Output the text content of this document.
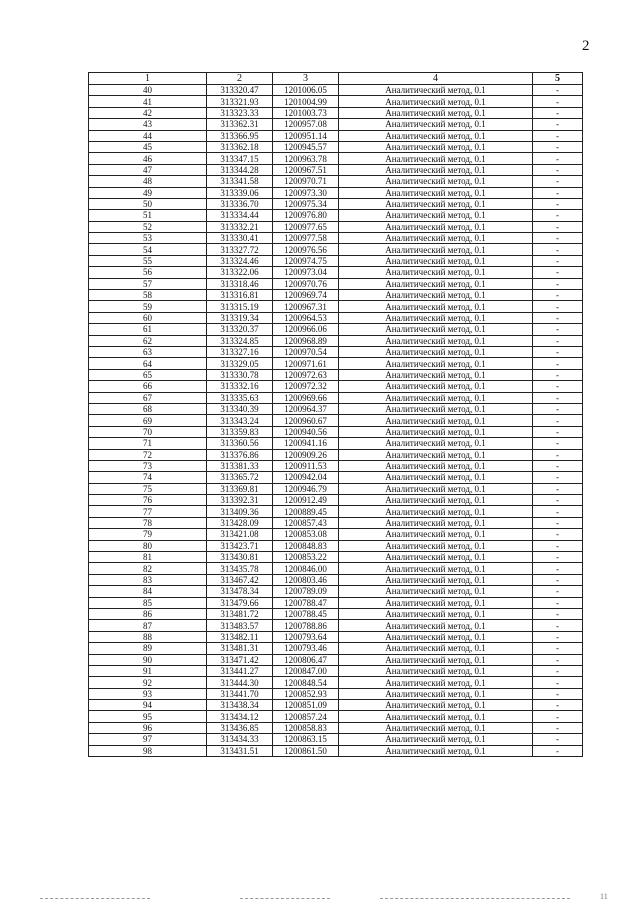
2
1	2	3	4	5
40	313320.47	1201006.05	Аналитический метод, 0.1	-
41	313321.93	1201004.99	Аналитический метод, 0.1	-
42	313323.33	1201003.73	Аналитический метод, 0.1	-
43	313362.31	1200957.08	Аналитический метод, 0.1	-
44	313366.95	1200951.14	Аналитический метод, 0.1	-
45	313362.18	1200945.57	Аналитический метод, 0.1	-
46	313347.15	1200963.78	Аналитический метод, 0.1	-
47	313344.28	1200967.51	Аналитический метод, 0.1	-
48	313341.58	1200970.71	Аналитический метод, 0.1	-
49	313339.06	1200973.30	Аналитический метод, 0.1	-
50	313336.70	1200975.34	Аналитический метод, 0.1	-
51	313334.44	1200976.80	Аналитический метод, 0.1	-
52	313332.21	1200977.65	Аналитический метод, 0.1	-
53	313330.41	1200977.58	Аналитический метод, 0.1	-
54	313327.72	1200976.56	Аналитический метод, 0.1	-
55	313324.46	1200974.75	Аналитический метод, 0.1	-
56	313322.06	1200973.04	Аналитический метод, 0.1	-
57	313318.46	1200970.76	Аналитический метод, 0.1	-
58	313316.81	1200969.74	Аналитический метод, 0.1	-
59	313315.19	1200967.31	Аналитический метод, 0.1	-
60	313319.34	1200964.53	Аналитический метод, 0.1	-
61	313320.37	1200966.06	Аналитический метод, 0.1	-
62	313324.85	1200968.89	Аналитический метод, 0.1	-
63	313327.16	1200970.54	Аналитический метод, 0.1	-
64	313329.05	1200971.61	Аналитический метод, 0.1	-
65	313330.78	1200972.63	Аналитический метод, 0.1	-
66	313332.16	1200972.32	Аналитический метод, 0.1	-
67	313335.63	1200969.66	Аналитический метод, 0.1	-
68	313340.39	1200964.37	Аналитический метод, 0.1	-
69	313343.24	1200960.67	Аналитический метод, 0.1	-
70	313359.83	1200940.56	Аналитический метод, 0.1	-
71	313360.56	1200941.16	Аналитический метод, 0.1	-
72	313376.86	1200909.26	Аналитический метод, 0.1	-
73	313381.33	1200911.53	Аналитический метод, 0.1	-
74	313365.72	1200942.04	Аналитический метод, 0.1	-
75	313369.81	1200946.79	Аналитический метод, 0.1	-
76	313392.31	1200912.49	Аналитический метод, 0.1	-
77	313409.36	1200889.45	Аналитический метод, 0.1	-
78	313428.09	1200857.43	Аналитический метод, 0.1	-
79	313421.08	1200853.08	Аналитический метод, 0.1	-
80	313423.71	1200848.83	Аналитический метод, 0.1	-
81	313430.81	1200853.22	Аналитический метод, 0.1	-
82	313435.78	1200846.00	Аналитический метод, 0.1	-
83	313467.42	1200803.46	Аналитический метод, 0.1	-
84	313478.34	1200789.09	Аналитический метод, 0.1	-
85	313479.66	1200788.47	Аналитический метод, 0.1	-
86	313481.72	1200788.45	Аналитический метод, 0.1	-
87	313483.57	1200788.86	Аналитический метод, 0.1	-
88	313482.11	1200793.64	Аналитический метод, 0.1	-
89	313481.31	1200793.46	Аналитический метод, 0.1	-
90	313471.42	1200806.47	Аналитический метод, 0.1	-
91	313441.27	1200847.00	Аналитический метод, 0.1	-
92	313444.30	1200848.54	Аналитический метод, 0.1	-
93	313441.70	1200852.93	Аналитический метод, 0.1	-
94	313438.34	1200851.09	Аналитический метод, 0.1	-
95	313434.12	1200857.24	Аналитический метод, 0.1	-
96	313436.85	1200858.83	Аналитический метод, 0.1	-
97	313434.33	1200863.15	Аналитический метод, 0.1	-
98	313431.51	1200861.50	Аналитический метод, 0.1	-
11
